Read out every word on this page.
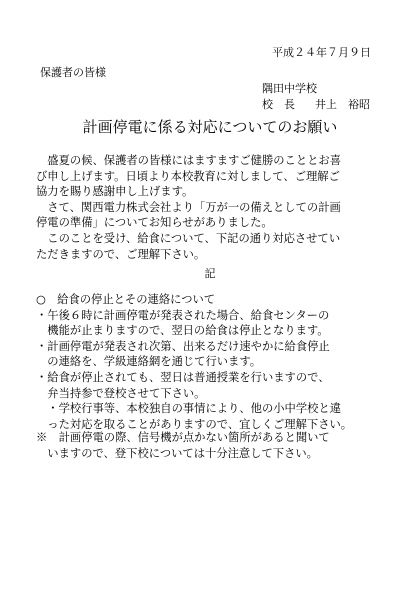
平成２４年７月９日
保護者の皆様
隅田中学校
校　長 井上　裕昭
計画停電に係る対応についてのお願い

　盛夏の候、保護者の皆様にはますますご健勝のこととお喜

び申し上げます。日頃より本校教育に対しまして、ご理解ご

協力を賜り感謝申し上げます。

　さて、関西電力株式会社より「万が一の備えとしての計画

停電の準備」についてお知らせがありました。

　このことを受け、給食について、下記の通り対応させてい

ただきますので、ご理解下さい。

記

○　給食の停止とその連絡について

・午後６時に計画停電が発表された場合、給食センターの

　機能が止まりますので、翌日の給食は停止となります。

・計画停電が発表され次第、出来るだけ速やかに給食停止

　の連絡を、学級連絡網を通じて行います。

・給食が停止されても、翌日は普通授業を行いますので、

　弁当持参で登校させて下さい。

　・学校行事等、本校独自の事情により、他の小中学校と違

　った対応を取ることがありますので、宜しくご理解下さい。

※　計画停電の際、信号機が点かない箇所があると聞いて

　いますので、登下校については十分注意して下さい。
